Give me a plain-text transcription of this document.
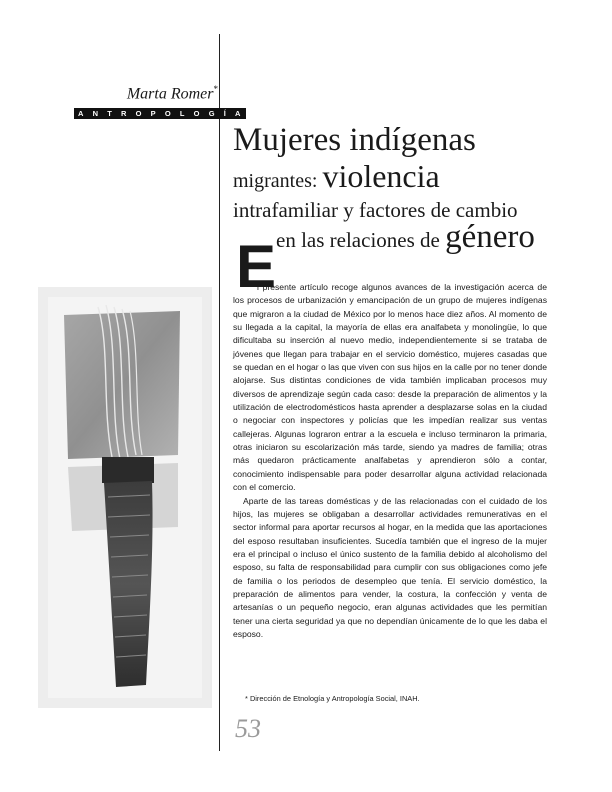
Marta Romer*
ANTROPOLOGÍA
Mujeres indígenas
migrantes: violencia
intrafamiliar y factores de cambio
en las relaciones de género
E

l presente artículo recoge algunos avances de la investigación acerca de los procesos de urbanización y emancipación de un grupo de mujeres indígenas que migraron a la ciudad de México por lo menos hace diez años. Al momento de su llegada a la capital, la mayoría de ellas era analfabeta y monolingüe, lo que dificultaba su inserción al nuevo medio, independientemente si se trataba de jóvenes que llegan para trabajar en el servicio doméstico, mujeres casadas que se quedan en el hogar o las que viven con sus hijos en la calle por no tener donde alojarse. Sus distintas condiciones de vida también implicaban procesos muy diversos de aprendizaje según cada caso: desde la preparación de alimentos y la utilización de electrodomésticos hasta aprender a desplazarse solas en la ciudad o negociar con inspectores y policías que les impedían realizar sus ventas callejeras. Algunas lograron entrar a la escuela e incluso terminaron la primaria, otras iniciaron su escolarización más tarde, siendo ya madres de familia; otras más quedaron prácticamente analfabetas y aprendieron sólo a contar, conocimiento indispensable para poder desarrollar alguna actividad relacionada con el comercio.

Aparte de las tareas domésticas y de las relacionadas con el cuidado de los hijos, las mujeres se obligaban a desarrollar actividades remunerativas en el sector informal para aportar recursos al hogar, en la medida que las aportaciones del esposo resultaban insuficientes. Sucedía también que el ingreso de la mujer era el principal o incluso el único sustento de la familia debido al alcoholismo del esposo, su falta de responsabilidad para cumplir con sus obligaciones como jefe de familia o los periodos de desempleo que tenía. El servicio doméstico, la preparación de alimentos para vender, la costura, la confección y venta de artesanías o un pequeño negocio, eran algunas actividades que les permitían tener una cierta seguridad ya que no dependían únicamente de lo que les daba el esposo.

* Dirección de Etnología y Antropología Social, INAH.
53
